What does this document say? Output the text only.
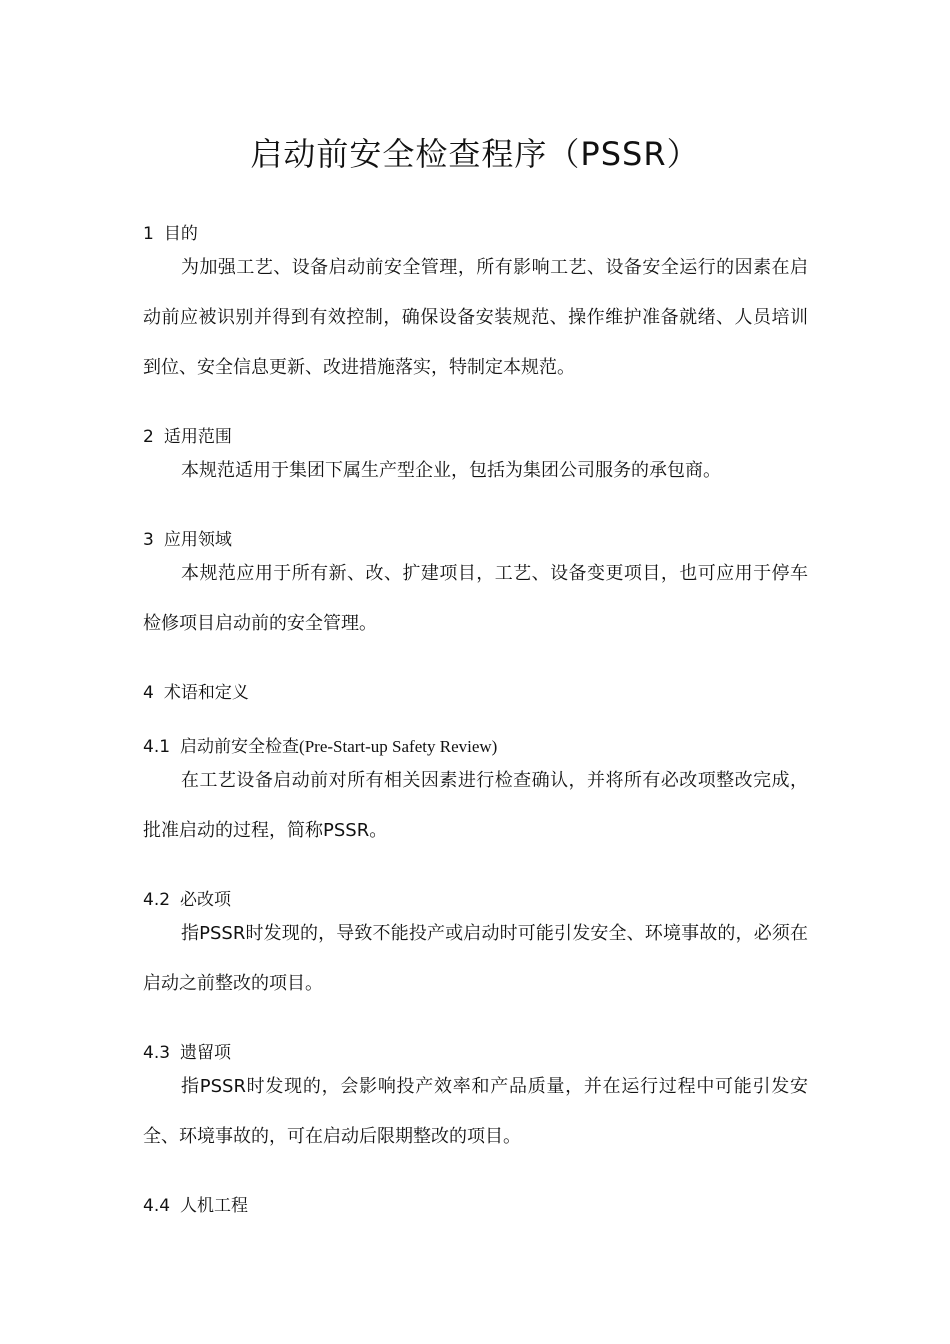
启动前安全检查程序（PSSR）
1 目的

为加强工艺、设备启动前安全管理，所有影响工艺、设备安全运行的因素在启动前应被识别并得到有效控制，确保设备安装规范、操作维护准备就绪、人员培训到位、安全信息更新、改进措施落实，特制定本规范。

2 适用范围

本规范适用于集团下属生产型企业，包括为集团公司服务的承包商。

3 应用领域

本规范应用于所有新、改、扩建项目，工艺、设备变更项目，也可应用于停车检修项目启动前的安全管理。

4 术语和定义
4.1 启动前安全检查(Pre-Start-up Safety Review)

在工艺设备启动前对所有相关因素进行检查确认，并将所有必改项整改完成，批准启动的过程，简称PSSR。

4.2 必改项

指PSSR时发现的，导致不能投产或启动时可能引发安全、环境事故的，必须在启动之前整改的项目。

4.3 遗留项

指PSSR时发现的，会影响投产效率和产品质量，并在运行过程中可能引发安全、环境事故的，可在启动后限期整改的项目。

4.4 人机工程
